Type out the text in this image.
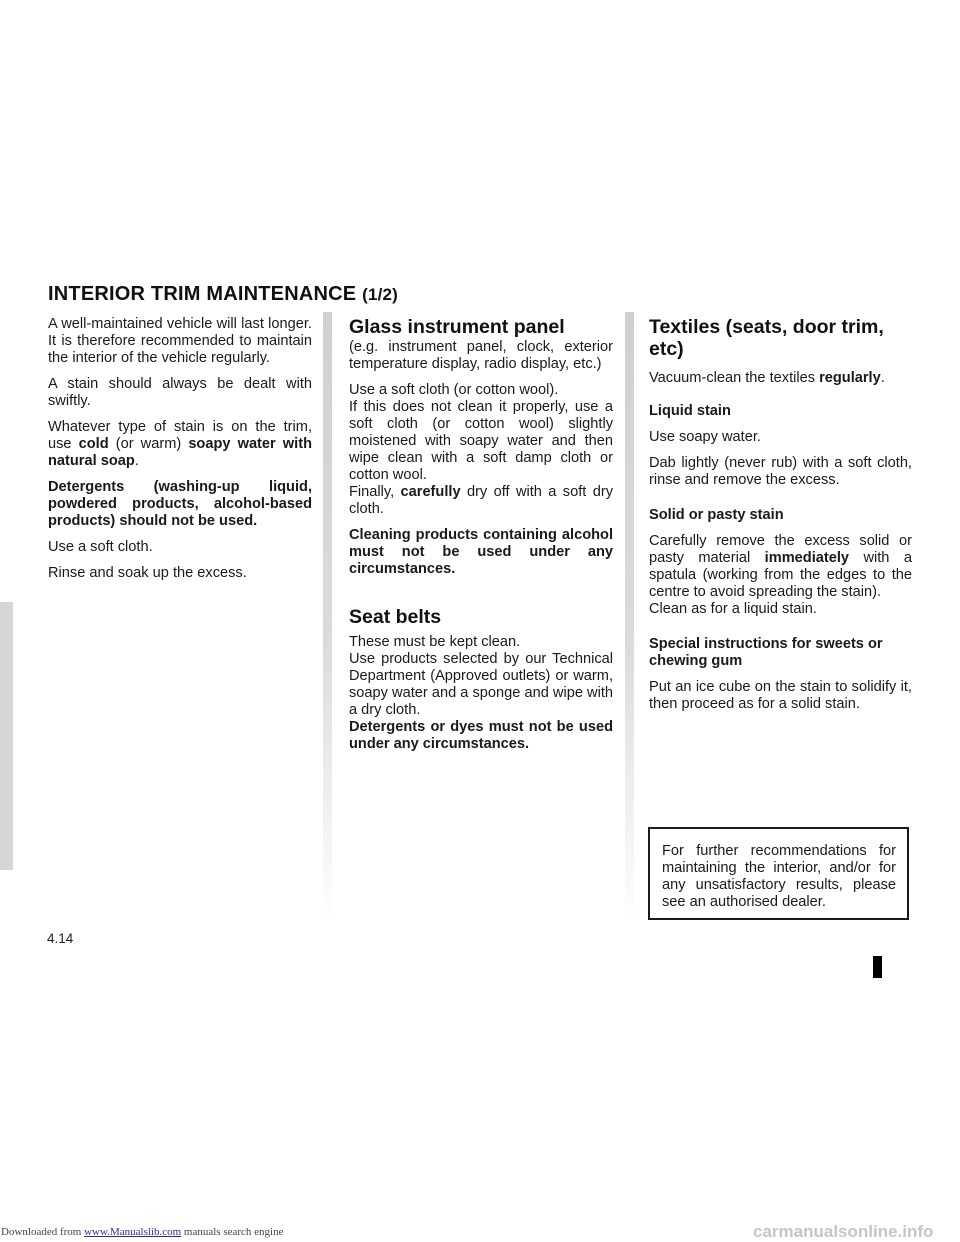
INTERIOR TRIM MAINTENANCE (1/2)

A well-maintained vehicle will last longer. It is therefore recommended to maintain the interior of the vehicle regularly.

A stain should always be dealt with swiftly.

Whatever type of stain is on the trim, use cold (or warm) soapy water with natural soap.

Detergents (washing-up liquid, powdered products, alcohol-based products) should not be used.

Use a soft cloth.

Rinse and soak up the excess.

Glass instrument panel

(e.g. instrument panel, clock, exterior temperature display, radio display, etc.)

Use a soft cloth (or cotton wool).
If this does not clean it properly, use a soft cloth (or cotton wool) slightly moistened with soapy water and then wipe clean with a soft damp cloth or cotton wool.
Finally, carefully dry off with a soft dry cloth.

Cleaning products containing alcohol must not be used under any circumstances.

Seat belts

These must be kept clean.
Use products selected by our Technical Department (Approved outlets) or warm, soapy water and a sponge and wipe with a dry cloth.
Detergents or dyes must not be used under any circumstances.

Textiles (seats, door trim, etc)

Vacuum-clean the textiles regularly.

Liquid stain

Use soapy water.

Dab lightly (never rub) with a soft cloth, rinse and remove the excess.

Solid or pasty stain

Carefully remove the excess solid or pasty material immediately with a spatula (working from the edges to the centre to avoid spreading the stain).
Clean as for a liquid stain.

Special instructions for sweets or chewing gum

Put an ice cube on the stain to solidify it, then proceed as for a solid stain.

For further recommendations for maintaining the interior, and/or for any unsatisfactory results, please see an authorised dealer.
4.14
Downloaded from www.Manualslib.com manuals search engine	carmanualsonline.info
